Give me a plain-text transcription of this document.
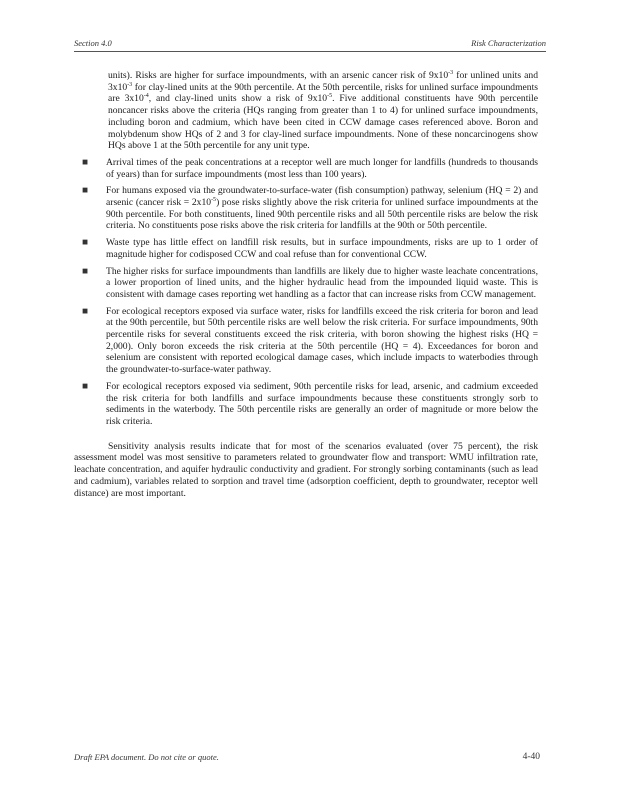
Section 4.0	Risk Characterization
units). Risks are higher for surface impoundments, with an arsenic cancer risk of $9x10^{-3}$ for unlined units and $3x10^{-3}$ for clay-lined units at the 90th percentile. At the 50th percentile, risks for unlined surface impoundments are $3x10^{-4}$, and clay-lined units show a risk of $9x10^{-5}$. Five additional constituents have 90th percentile noncancer risks above the criteria (HQs ranging from greater than 1 to 4) for unlined surface impoundments, including boron and cadmium, which have been cited in CCW damage cases referenced above. Boron and molybdenum show HQs of 2 and 3 for clay-lined surface impoundments. None of these noncarcinogens show HQs above 1 at the 50th percentile for any unit type.
■	Arrival times of the peak concentrations at a receptor well are much longer for landfills (hundreds to thousands of years) than for surface impoundments (most less than 100 years).
■	For humans exposed via the groundwater-to-surface-water (fish consumption) pathway, selenium (HQ = 2) and arsenic (cancer risk = $2x10^{-5}$) pose risks slightly above the risk criteria for unlined surface impoundments at the 90th percentile. For both constituents, lined 90th percentile risks and all 50th percentile risks are below the risk criteria. No constituents pose risks above the risk criteria for landfills at the 90th or 50th percentile.
■	Waste type has little effect on landfill risk results, but in surface impoundments, risks are up to 1 order of magnitude higher for codisposed CCW and coal refuse than for conventional CCW.
■	The higher risks for surface impoundments than landfills are likely due to higher waste leachate concentrations, a lower proportion of lined units, and the higher hydraulic head from the impounded liquid waste. This is consistent with damage cases reporting wet handling as a factor that can increase risks from CCW management.
■	For ecological receptors exposed via surface water, risks for landfills exceed the risk criteria for boron and lead at the 90th percentile, but 50th percentile risks are well below the risk criteria. For surface impoundments, 90th percentile risks for several constituents exceed the risk criteria, with boron showing the highest risks (HQ = 2,000). Only boron exceeds the risk criteria at the 50th percentile (HQ = 4). Exceedances for boron and selenium are consistent with reported ecological damage cases, which include impacts to waterbodies through the groundwater-to-surface-water pathway.
■	For ecological receptors exposed via sediment, 90th percentile risks for lead, arsenic, and cadmium exceeded the risk criteria for both landfills and surface impoundments because these constituents strongly sorb to sediments in the waterbody. The 50th percentile risks are generally an order of magnitude or more below the risk criteria.
Sensitivity analysis results indicate that for most of the scenarios evaluated (over 75 percent), the risk assessment model was most sensitive to parameters related to groundwater flow and transport: WMU infiltration rate, leachate concentration, and aquifer hydraulic conductivity and gradient. For strongly sorbing contaminants (such as lead and cadmium), variables related to sorption and travel time (adsorption coefficient, depth to groundwater, receptor well distance) are most important.
Draft EPA document. Do not cite or quote.	4-40
